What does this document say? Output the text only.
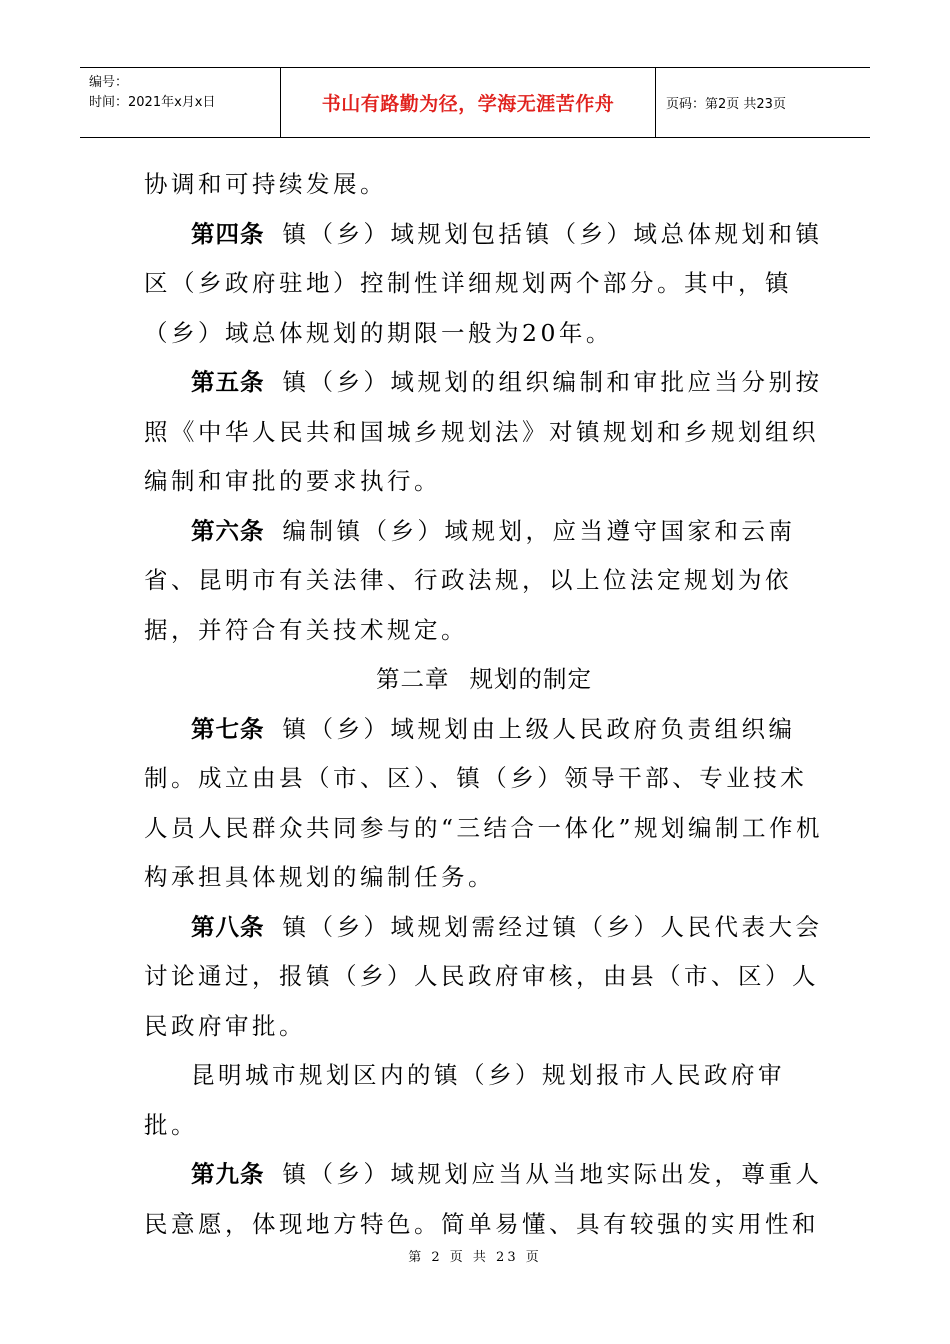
编号：
时间：2021年x月x日	书山有路勤为径，学海无涯苦作舟	页码：第2页 共23页

协调和可持续发展。

第四条 镇（乡）域规划包括镇（乡）域总体规划和镇区（乡政府驻地）控制性详细规划两个部分。其中，镇（乡）域总体规划的期限一般为20年。

第五条 镇（乡）域规划的组织编制和审批应当分别按照《中华人民共和国城乡规划法》对镇规划和乡规划组织编制和审批的要求执行。

第六条 编制镇（乡）域规划，应当遵守国家和云南省、昆明市有关法律、行政法规，以上位法定规划为依据，并符合有关技术规定。

第二章 规划的制定

第七条 镇（乡）域规划由上级人民政府负责组织编制。成立由县（市、区）、镇（乡）领导干部、专业技术人员人民群众共同参与的“三结合一体化”规划编制工作机构承担具体规划的编制任务。

第八条 镇（乡）域规划需经过镇（乡）人民代表大会讨论通过，报镇（乡）人民政府审核，由县（市、区）人民政府审批。

昆明城市规划区内的镇（乡）规划报市人民政府审批。

第九条 镇（乡）域规划应当从当地实际出发，尊重人民意愿，体现地方特色。简单易懂、具有较强的实用性和

第 2 页 共 23 页
